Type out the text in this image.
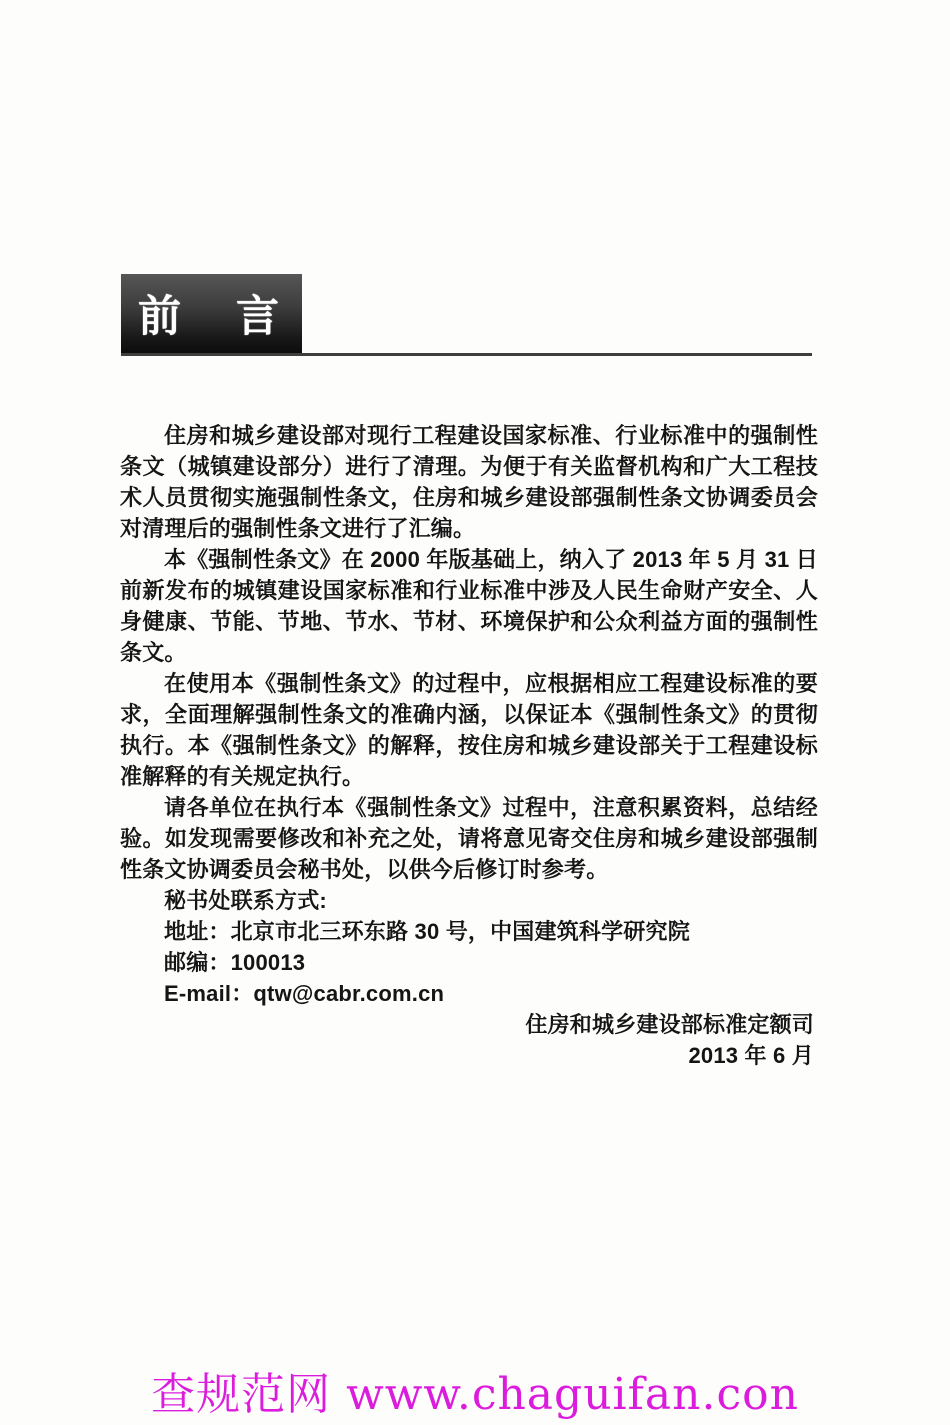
前　言

住房和城乡建设部对现行工程建设国家标准、行业标准中的强制性条文（城镇建设部分）进行了清理。为便于有关监督机构和广大工程技术人员贯彻实施强制性条文，住房和城乡建设部强制性条文协调委员会对清理后的强制性条文进行了汇编。

本《强制性条文》在 2000 年版基础上，纳入了 2013 年 5 月 31 日前新发布的城镇建设国家标准和行业标准中涉及人民生命财产安全、人身健康、节能、节地、节水、节材、环境保护和公众利益方面的强制性条文。

在使用本《强制性条文》的过程中，应根据相应工程建设标准的要求，全面理解强制性条文的准确内涵，以保证本《强制性条文》的贯彻执行。本《强制性条文》的解释，按住房和城乡建设部关于工程建设标准解释的有关规定执行。

请各单位在执行本《强制性条文》过程中，注意积累资料，总结经验。如发现需要修改和补充之处，请将意见寄交住房和城乡建设部强制性条文协调委员会秘书处，以供今后修订时参考。

秘书处联系方式:

地址：北京市北三环东路 30 号，中国建筑科学研究院

邮编：100013

E-mail：qtw@cabr.com.cn

住房和城乡建设部标准定额司

2013 年 6 月

查规范网 www.chaguifan.con
